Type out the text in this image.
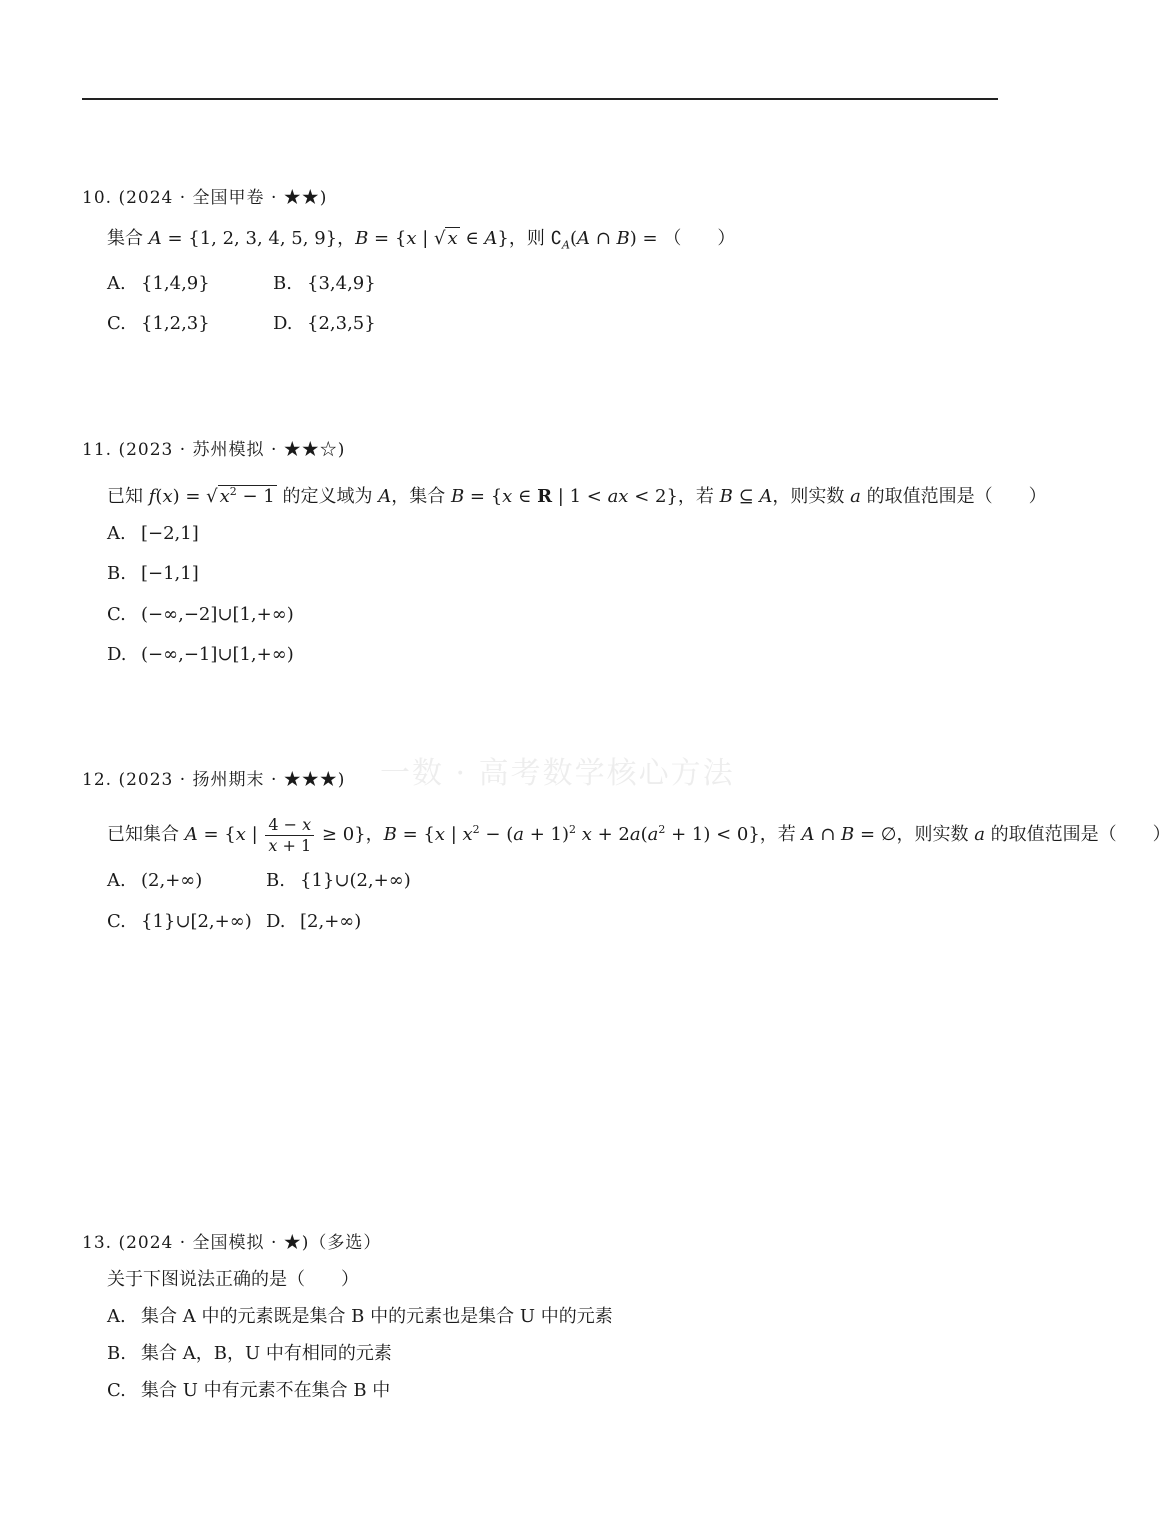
一数 · 高考数学核心方法
10. (2024 · 全国甲卷 · ★★)
集合 A = {1, 2, 3, 4, 5, 9}，B = {x | √ x ∈ A}，则 $∁_A(A$ ∩ B) = （　　）
A. {1,4,9}	B. {3,4,9}
C. {1,2,3}	D. {2,3,5}
11. (2023 · 苏州模拟 · ★★☆)
已知 f(x) = √ $x^2 - 1$ 的定义域为 A，集合 B = {x ∈ R | 1 < ax < 2}，若 B ⊆ A，则实数 a 的取值范围是（　　）
A. [−2,1]
B. [−1,1]
C. (−∞,−2]∪[1,+∞)
D. (−∞,−1]∪[1,+∞)
12. (2023 · 扬州期末 · ★★★)
已知集合 A = {x | $\frac{4 - x}{x + 1} \ge 0$}，B = {x | $x^2 - (a + 1)^2$ $x + 2a(a^2 + 1) < 0$}，若 A ∩ B = ∅，则实数 a 的取值范围是（　　）
A. (2,+∞)	B. {1}∪(2,+∞)
C. {1}∪[2,+∞) D. [2,+∞)
13. (2024 · 全国模拟 · ★)（多选）
关于下图说法正确的是（　　）
A. 集合 A 中的元素既是集合 B 中的元素也是集合 U 中的元素
B. 集合 A，B，U 中有相同的元素
C. 集合 U 中有元素不在集合 B 中
